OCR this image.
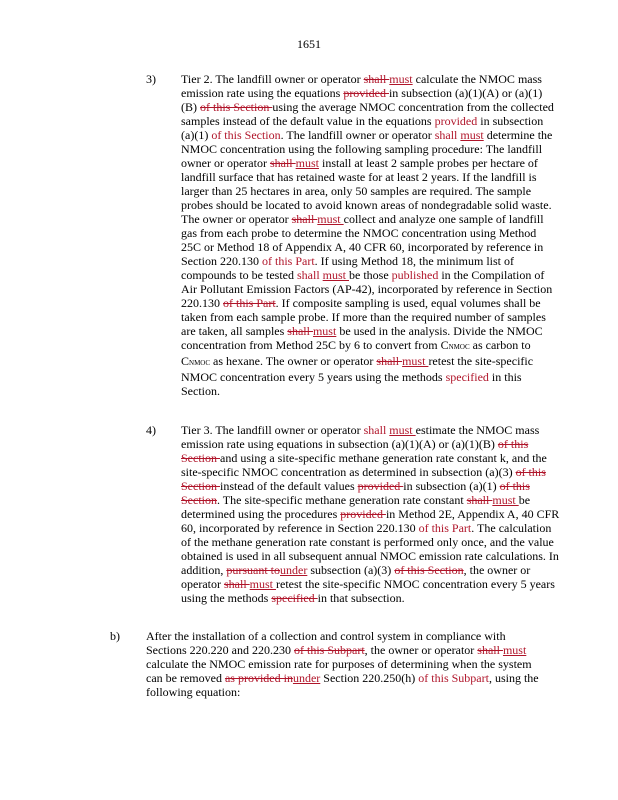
1651
3) Tier 2. The landfill owner or operator shall must calculate the NMOC mass emission rate using the equations provided in subsection (a)(1)(A) or (a)(1)(B) of this Section using the average NMOC concentration from the collected samples instead of the default value in the equations provided in subsection (a)(1) of this Section. The landfill owner or operator shall must determine the NMOC concentration using the following sampling procedure: The landfill owner or operator shall must install at least 2 sample probes per hectare of landfill surface that has retained waste for at least 2 years. If the landfill is larger than 25 hectares in area, only 50 samples are required. The sample probes should be located to avoid known areas of nondegradable solid waste. The owner or operator shall must collect and analyze one sample of landfill gas from each probe to determine the NMOC concentration using Method 25C or Method 18 of Appendix A, 40 CFR 60, incorporated by reference in Section 220.130 of this Part. If using Method 18, the minimum list of compounds to be tested shall must be those published in the Compilation of Air Pollutant Emission Factors (AP-42), incorporated by reference in Section 220.130 of this Part. If composite sampling is used, equal volumes shall be taken from each sample probe. If more than the required number of samples are taken, all samples shall must be used in the analysis. Divide the NMOC concentration from Method 25C by 6 to convert from CNMOC as carbon to CNMOC as hexane. The owner or operator shall must retest the site-specific NMOC concentration every 5 years using the methods specified in this Section.
4) Tier 3. The landfill owner or operator shall must estimate the NMOC mass emission rate using equations in subsection (a)(1)(A) or (a)(1)(B) of this Section and using a site-specific methane generation rate constant k, and the site-specific NMOC concentration as determined in subsection (a)(3) of this Section instead of the default values provided in subsection (a)(1) of this Section. The site-specific methane generation rate constant shall must be determined using the procedures provided in Method 2E, Appendix A, 40 CFR 60, incorporated by reference in Section 220.130 of this Part. The calculation of the methane generation rate constant is performed only once, and the value obtained is used in all subsequent annual NMOC emission rate calculations. In addition, pursuant tounder subsection (a)(3) of this Section, the owner or operator shall must retest the site-specific NMOC concentration every 5 years using the methods specified in that subsection.
b) After the installation of a collection and control system in compliance with Sections 220.220 and 220.230 of this Subpart, the owner or operator shall must calculate the NMOC emission rate for purposes of determining when the system can be removed as provided inunder Section 220.250(h) of this Subpart, using the following equation:
